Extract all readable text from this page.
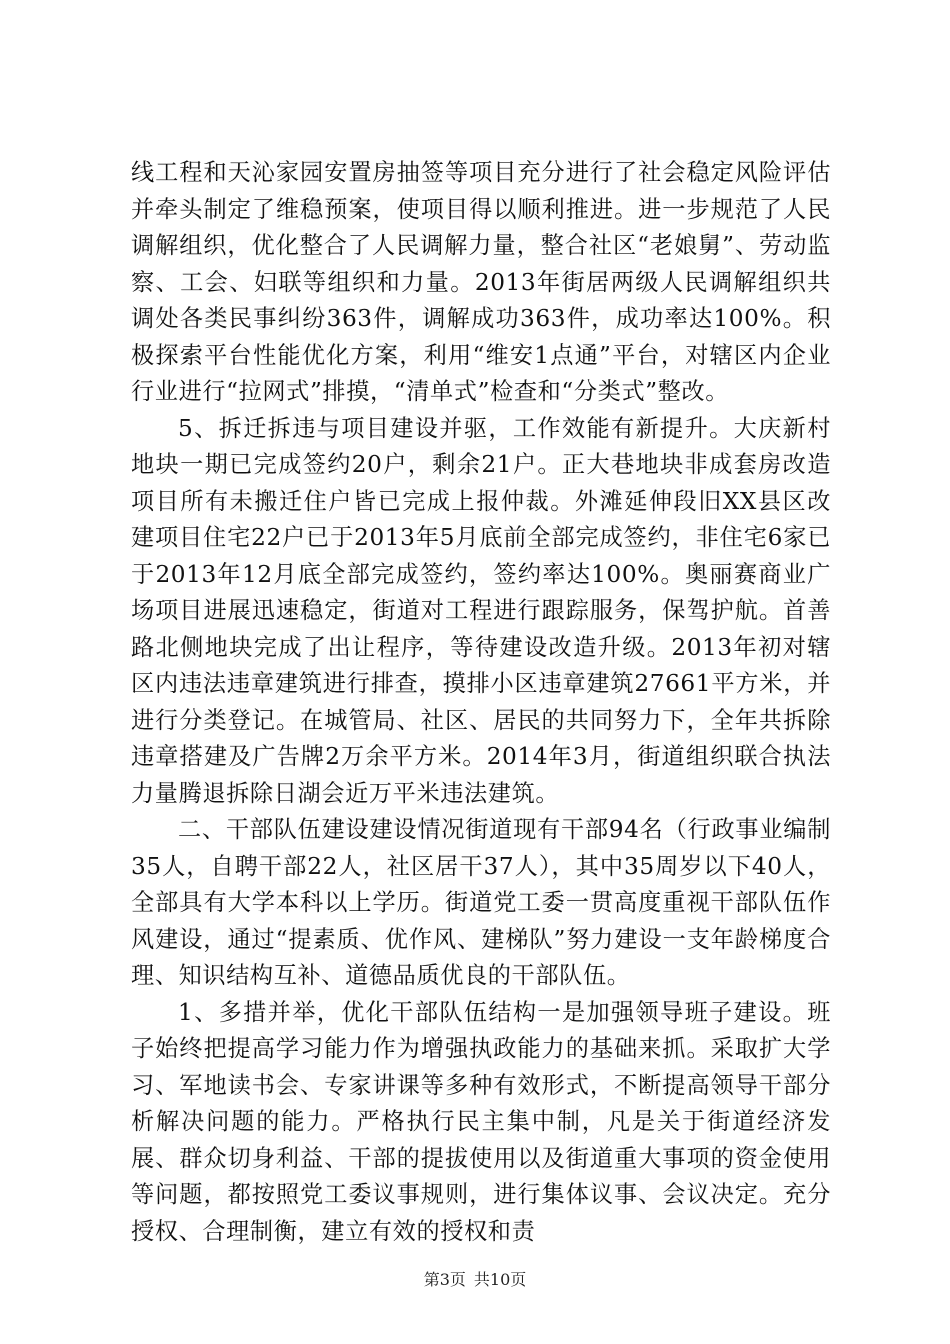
线工程和天沁家园安置房抽签等项目充分进行了社会稳定风险评估并牵头制定了维稳预案，使项目得以顺利推进。进一步规范了人民调解组织，优化整合了人民调解力量，整合社区“老娘舅”、劳动监察、工会、妇联等组织和力量。2013年街居两级人民调解组织共调处各类民事纠纷363件，调解成功363件，成功率达100%。积极探索平台性能优化方案，利用“维安1点通”平台，对辖区内企业行业进行“拉网式”排摸，“清单式”检查和“分类式”整改。

5、拆迁拆违与项目建设并驱，工作效能有新提升。大庆新村地块一期已完成签约20户，剩余21户。正大巷地块非成套房改造项目所有未搬迁住户皆已完成上报仲裁。外滩延伸段旧XX县区改建项目住宅22户已于2013年5月底前全部完成签约，非住宅6家已于2013年12月底全部完成签约，签约率达100%。奥丽赛商业广场项目进展迅速稳定，街道对工程进行跟踪服务，保驾护航。首善路北侧地块完成了出让程序，等待建设改造升级。2013年初对辖区内违法违章建筑进行排查，摸排小区违章建筑27661平方米，并进行分类登记。在城管局、社区、居民的共同努力下，全年共拆除违章搭建及广告牌2万余平方米。2014年3月，街道组织联合执法力量腾退拆除日湖会近万平米违法建筑。

二、干部队伍建设建设情况街道现有干部94名（行政事业编制35人，自聘干部22人，社区居干37人），其中35周岁以下40人，全部具有大学本科以上学历。街道党工委一贯高度重视干部队伍作风建设，通过“提素质、优作风、建梯队”努力建设一支年龄梯度合理、知识结构互补、道德品质优良的干部队伍。

1、多措并举，优化干部队伍结构一是加强领导班子建设。班子始终把提高学习能力作为增强执政能力的基础来抓。采取扩大学习、军地读书会、专家讲课等多种有效形式，不断提高领导干部分析解决问题的能力。严格执行民主集中制，凡是关于街道经济发展、群众切身利益、干部的提拔使用以及街道重大事项的资金使用等问题，都按照党工委议事规则，进行集体议事、会议决定。充分授权、合理制衡，建立有效的授权和责

第3页 共10页
